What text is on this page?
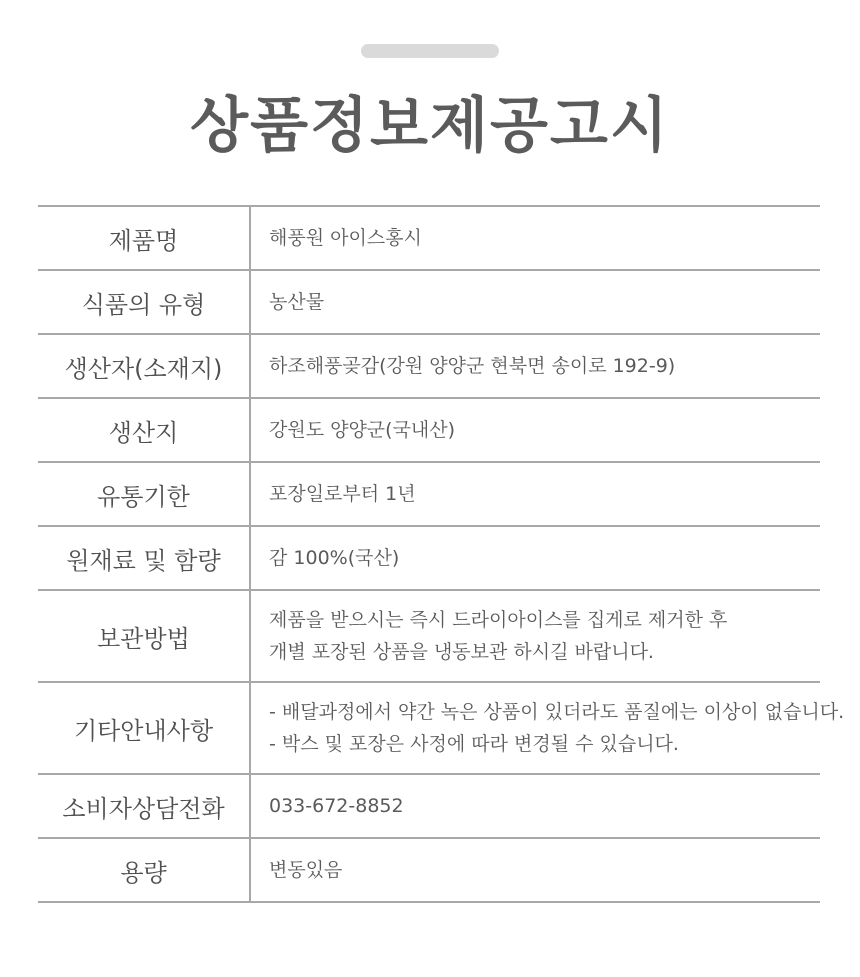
상품정보제공고시
제품명	해풍원 아이스홍시
식품의 유형	농산물
생산자(소재지)	하조해풍곶감(강원 양양군 현북면 송이로 192-9)
생산지	강원도 양양군(국내산)
유통기한	포장일로부터 1년
원재료 및 함량	감 100%(국산)
보관방법	제품을 받으시는 즉시 드라이아이스를 집게로 제거한 후
개별 포장된 상품을 냉동보관 하시길 바랍니다.

기타안내사항	- 배달과정에서 약간 녹은 상품이 있더라도 품질에는 이상이 없습니다.
- 박스 및 포장은 사정에 따라 변경될 수 있습니다.

소비자상담전화	033-672-8852
용량	변동있음
